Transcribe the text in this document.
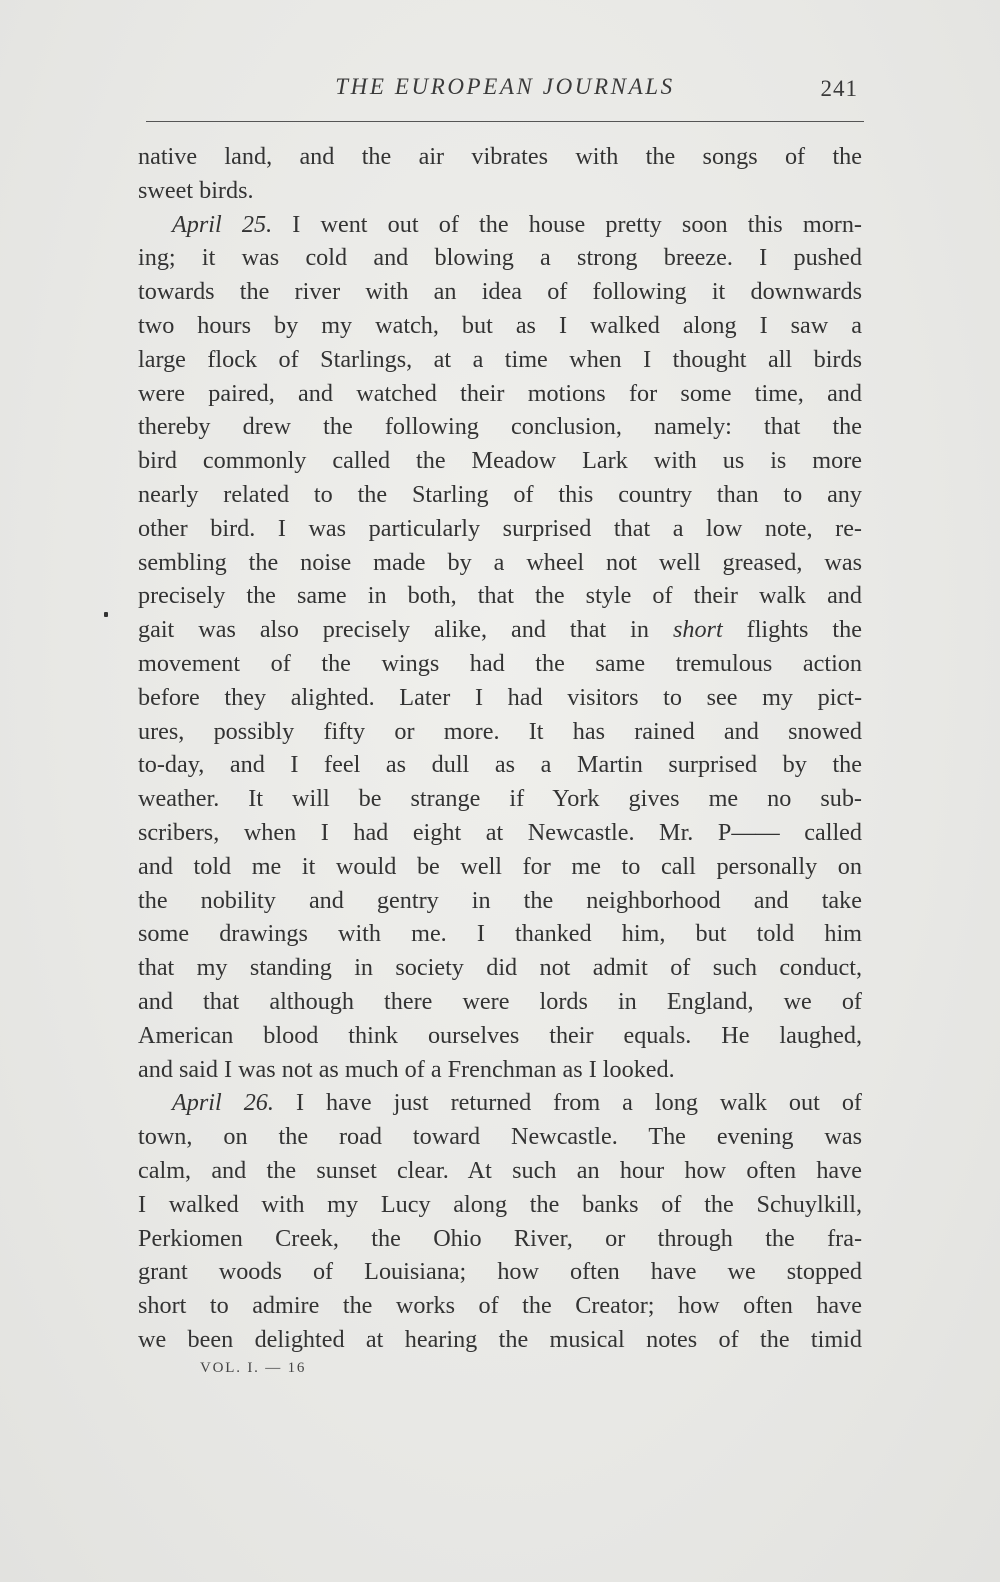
THE EUROPEAN JOURNALS	241
native land, and the air vibrates with the songs of the
sweet birds.
April 25. I went out of the house pretty soon this morn-
ing; it was cold and blowing a strong breeze. I pushed
towards the river with an idea of following it downwards
two hours by my watch, but as I walked along I saw a
large flock of Starlings, at a time when I thought all birds
were paired, and watched their motions for some time, and
thereby drew the following conclusion, namely: that the
bird commonly called the Meadow Lark with us is more
nearly related to the Starling of this country than to any
other bird. I was particularly surprised that a low note, re-
sembling the noise made by a wheel not well greased, was
precisely the same in both, that the style of their walk and
gait was also precisely alike, and that in short flights the
movement of the wings had the same tremulous action
before they alighted. Later I had visitors to see my pict-
ures, possibly fifty or more. It has rained and snowed
to-day, and I feel as dull as a Martin surprised by the
weather. It will be strange if York gives me no sub-
scribers, when I had eight at Newcastle. Mr. P—— called
and told me it would be well for me to call personally on
the nobility and gentry in the neighborhood and take
some drawings with me. I thanked him, but told him
that my standing in society did not admit of such conduct,
and that although there were lords in England, we of
American blood think ourselves their equals. He laughed,
and said I was not as much of a Frenchman as I looked.
April 26. I have just returned from a long walk out of
town, on the road toward Newcastle. The evening was
calm, and the sunset clear. At such an hour how often have
I walked with my Lucy along the banks of the Schuylkill,
Perkiomen Creek, the Ohio River, or through the fra-
grant woods of Louisiana; how often have we stopped
short to admire the works of the Creator; how often have
we been delighted at hearing the musical notes of the timid
VOL. I. — 16
